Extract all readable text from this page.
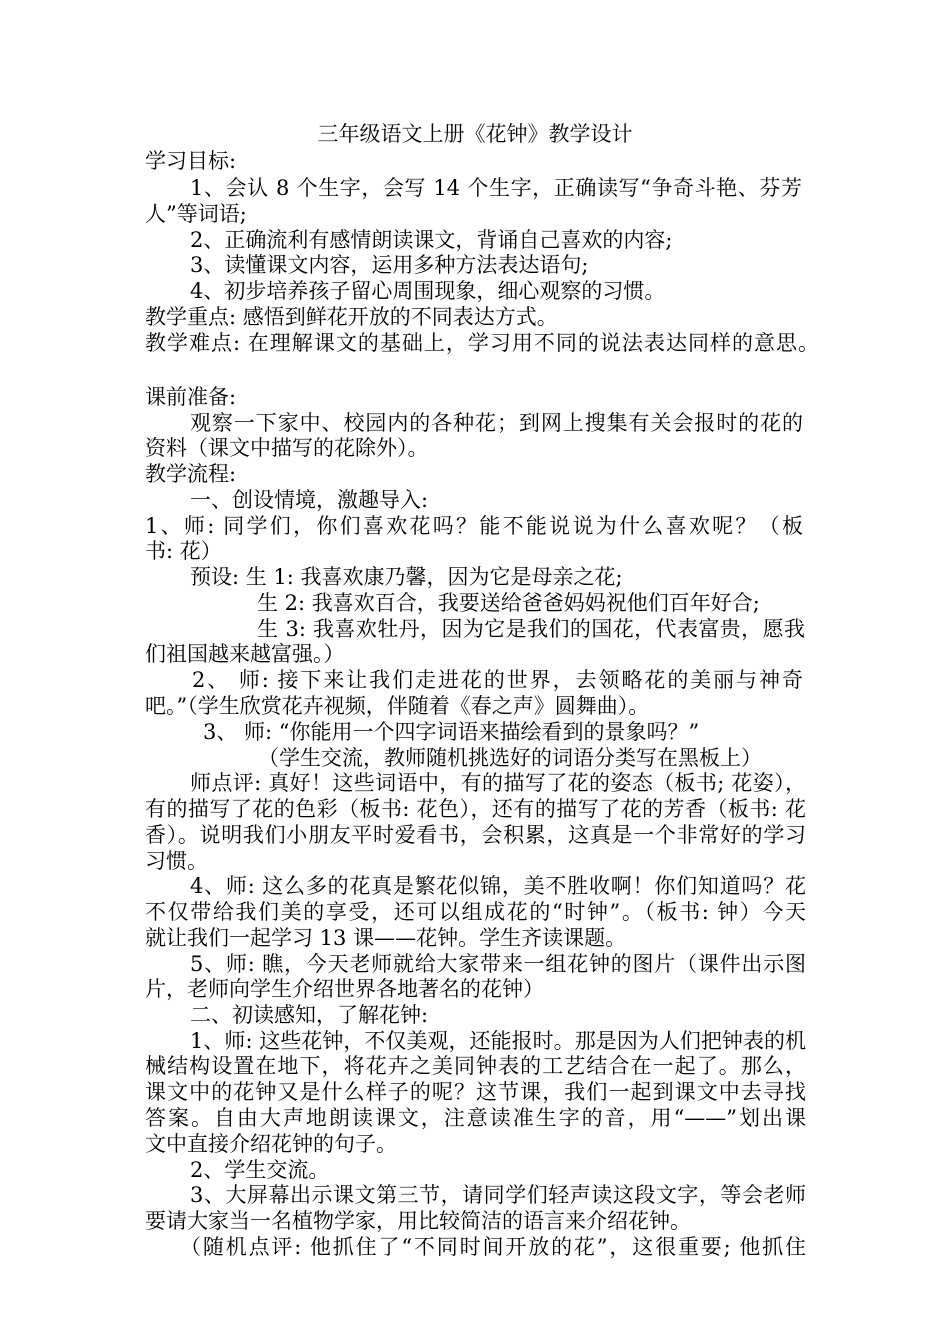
三年级语文上册《花钟》教学设计
学习目标:
1、会认 8 个生字，会写 14 个生字，正确读写“争奇斗艳、芬芳
人”等词语;
2、正确流利有感情朗读课文，背诵自己喜欢的内容;
3、读懂课文内容，运用多种方法表达语句;
4、初步培养孩子留心周围现象，细心观察的习惯。
教学重点: 感悟到鲜花开放的不同表达方式。
教学难点: 在理解课文的基础上，学习用不同的说法表达同样的意思。
课前准备:
观察一下家中、校园内的各种花；到网上搜集有关会报时的花的
资料（课文中描写的花除外）。
教学流程:
一、创设情境，激趣导入:
1、师: 同学们，你们喜欢花吗？能不能说说为什么喜欢呢？（板
书: 花）
预设: 生 1: 我喜欢康乃馨，因为它是母亲之花;
生 2: 我喜欢百合，我要送给爸爸妈妈祝他们百年好合;
生 3: 我喜欢牡丹，因为它是我们的国花，代表富贵，愿我
们祖国越来越富强。）
2、 师: 接下来让我们走进花的世界，去领略花的美丽与神奇
吧。”（学生欣赏花卉视频，伴随着《春之声》圆舞曲）。
3、 师: “你能用一个四字词语来描绘看到的景象吗？”
（学生交流，教师随机挑选好的词语分类写在黑板上）
师点评: 真好！这些词语中，有的描写了花的姿态（板书; 花姿），
有的描写了花的色彩（板书: 花色），还有的描写了花的芳香（板书: 花
香）。说明我们小朋友平时爱看书，会积累，这真是一个非常好的学习
习惯。
4、师: 这么多的花真是繁花似锦，美不胜收啊！你们知道吗？花
不仅带给我们美的享受，还可以组成花的“时钟”。（板书: 钟）今天
就让我们一起学习 13 课——花钟。学生齐读课题。
5、师: 瞧，今天老师就给大家带来一组花钟的图片（课件出示图
片，老师向学生介绍世界各地著名的花钟）
二、初读感知，了解花钟:
1、师: 这些花钟，不仅美观，还能报时。那是因为人们把钟表的机
械结构设置在地下，将花卉之美同钟表的工艺结合在一起了。那么，
课文中的花钟又是什么样子的呢？这节课，我们一起到课文中去寻找
答案。自由大声地朗读课文，注意读准生字的音，用“——”划出课
文中直接介绍花钟的句子。
2、学生交流。
3、大屏幕出示课文第三节，请同学们轻声读这段文字，等会老师
要请大家当一名植物学家，用比较简洁的语言来介绍花钟。
（随机点评: 他抓住了“不同时间开放的花”，这很重要; 他抓住
